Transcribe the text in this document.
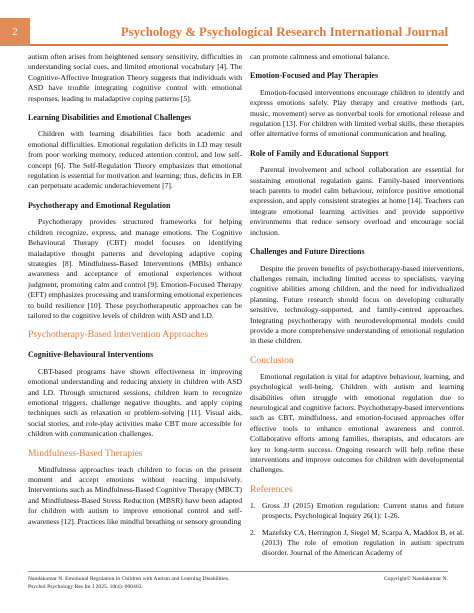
2	Psychology & Psychological Research International Journal

autism often arises from heightened sensory sensitivity, difficulties in understanding social cues, and limited emotional vocabulary [4]. The Cognitive-Affective Integration Theory suggests that individuals with ASD have trouble integrating cognitive control with emotional responses, leading to maladaptive coping patterns [5].

Learning Disabilities and Emotional Challenges

Children with learning disabilities face both academic and emotional difficulties. Emotional regulation deficits in LD may result from poor working memory, reduced attention control, and low self-concept [6]. The Self-Regulation Theory emphasizes that emotional regulation is essential for motivation and learning; thus, deficits in ER can perpetuate academic underachievement [7].

Psychotherapy and Emotional Regulation

Psychotherapy provides structured frameworks for helping children recognize, express, and manage emotions. The Cognitive Behavioural Therapy (CBT) model focuses on identifying maladaptive thought patterns and developing adaptive coping strategies [8]. Mindfulness-Based Interventions (MBIs) enhance awareness and acceptance of emotional experiences without judgment, promoting calm and control [9]. Emotion-Focused Therapy (EFT) emphasizes processing and transforming emotional experiences to build resilience [10]. These psychotherapeutic approaches can be tailored to the cognitive levels of children with ASD and LD.

Psychotherapy-Based Intervention Approaches
Cognitive-Behavioural Interventions

CBT-based programs have shown effectiveness in improving emotional understanding and reducing anxiety in children with ASD and LD. Through structured sessions, children learn to recognize emotional triggers, challenge negative thoughts, and apply coping techniques such as relaxation or problem-solving [11]. Visual aids, social stories, and role-play activities make CBT more accessible for children with communication challenges.

Mindfulness-Based Therapies

Mindfulness approaches teach children to focus on the present moment and accept emotions without reacting impulsively. Interventions such as Mindfulness-Based Cognitive Therapy (MBCT) and Mindfulness-Based Stress Reduction (MBSR) have been adapted for children with autism to improve emotional control and self-awareness [12]. Practices like mindful breathing or sensory grounding

can promote calmness and emotional balance.

Emotion-Focused and Play Therapies

Emotion-focused interventions encourage children to identify and express emotions safely. Play therapy and creative methods (art, music, movement) serve as nonverbal tools for emotional release and regulation [13]. For children with limited verbal skills, these therapies offer alternative forms of emotional communication and healing.

Role of Family and Educational Support

Parental involvement and school collaboration are essential for sustaining emotional regulation gains. Family-based interventions teach parents to model calm behaviour, reinforce positive emotional expression, and apply consistent strategies at home [14]. Teachers can integrate emotional learning activities and provide supportive environments that reduce sensory overload and encourage social inclusion.

Challenges and Future Directions

Despite the proven benefits of psychotherapy-based interventions, challenges remain, including limited access to specialists, varying cognitive abilities among children, and the need for individualized planning. Future research should focus on developing culturally sensitive, technology-supported, and family-centred approaches. Integrating psychotherapy with neurodevelopmental models could provide a more comprehensive understanding of emotional regulation in these children.

Conclusion

Emotional regulation is vital for adaptive behaviour, learning, and psychological well-being. Children with autism and learning disabilities often struggle with emotional regulation due to neurological and cognitive factors. Psychotherapy-based interventions such as CBT, mindfulness, and emotion-focused approaches offer effective tools to enhance emotional awareness and control. Collaborative efforts among families, therapists, and educators are key to long-term success. Ongoing research will help refine these interventions and improve outcomes for children with developmental challenges.

References
1. Gross JJ (2015) Emotion regulation: Current status and future prospects. Psychological Inquiry 26(1): 1-26.
2. Mazefsky CA, Herrington J, Siegel M, Scarpa A, Maddox B, et al. (2013) The role of emotion regulation in autism spectrum disorder. Journal of the American Academy of
Nandakumar N. Emotional Regulation in Children with Autism and Learning Disabilities.
Psychol Psychology Res Int J 2025, 10(4): 000463.
Copyright© Nandakumar N.
